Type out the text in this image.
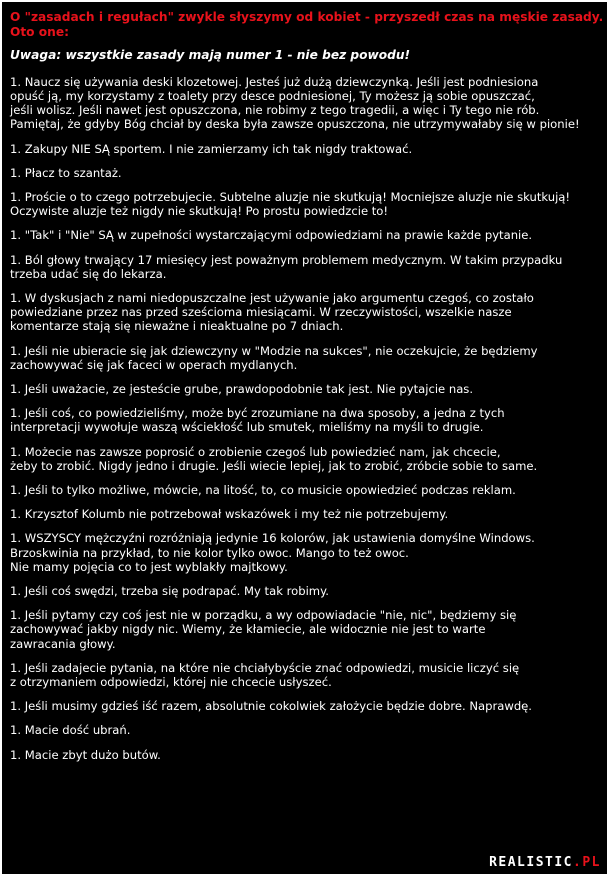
O "zasadach i regułach" zwykle słyszymy od kobiet - przyszedł czas na męskie zasady. Oto one:
Uwaga: wszystkie zasady mają numer 1 - nie bez powodu!

1. Naucz się używania deski klozetowej. Jesteś już dużą dziewczynką. Jeśli jest podniesiona
opuść ją, my korzystamy z toalety przy desce podniesionej, Ty możesz ją sobie opuszczać,
jeśli wolisz. Jeśli nawet jest opuszczona, nie robimy z tego tragedii, a więc i Ty tego nie rób.
Pamiętaj, że gdyby Bóg chciał by deska była zawsze opuszczona, nie utrzymywałaby się w pionie!

1. Zakupy NIE SĄ sportem. I nie zamierzamy ich tak nigdy traktować.

1. Płacz to szantaż.

1. Proście o to czego potrzebujecie. Subtelne aluzje nie skutkują! Mocniejsze aluzje nie skutkują!
Oczywiste aluzje też nigdy nie skutkują! Po prostu powiedzcie to!

1. "Tak" i "Nie" SĄ w zupełności wystarczającymi odpowiedziami na prawie każde pytanie.

1. Ból głowy trwający 17 miesięcy jest poważnym problemem medycznym. W takim przypadku
trzeba udać się do lekarza.

1. W dyskusjach z nami niedopuszczalne jest używanie jako argumentu czegoś, co zostało
powiedziane przez nas przed sześcioma miesiącami. W rzeczywistości, wszelkie nasze
komentarze stają się nieważne i nieaktualne po 7 dniach.

1. Jeśli nie ubieracie się jak dziewczyny w "Modzie na sukces", nie oczekujcie, że będziemy
zachowywać się jak faceci w operach mydlanych.

1. Jeśli uważacie, ze jesteście grube, prawdopodobnie tak jest. Nie pytajcie nas.

1. Jeśli coś, co powiedzieliśmy, może być zrozumiane na dwa sposoby, a jedna z tych
interpretacji wywołuje waszą wściekłość lub smutek, mieliśmy na myśli to drugie.

1. Możecie nas zawsze poprosić o zrobienie czegoś lub powiedzieć nam, jak chcecie,
żeby to zrobić. Nigdy jedno i drugie. Jeśli wiecie lepiej, jak to zrobić, zróbcie sobie to same.

1. Jeśli to tylko możliwe, mówcie, na litość, to, co musicie opowiedzieć podczas reklam.

1. Krzysztof Kolumb nie potrzebował wskazówek i my też nie potrzebujemy.

1. WSZYSCY mężczyźni rozróżniają jedynie 16 kolorów, jak ustawienia domyślne Windows.
Brzoskwinia na przykład, to nie kolor tylko owoc. Mango to też owoc.
Nie mamy pojęcia co to jest wyblakły majtkowy.

1. Jeśli coś swędzi, trzeba się podrapać. My tak robimy.

1. Jeśli pytamy czy coś jest nie w porządku, a wy odpowiadacie "nie, nic", będziemy się
zachowywać jakby nigdy nic. Wiemy, że kłamiecie, ale widocznie nie jest to warte
zawracania głowy.

1. Jeśli zadajecie pytania, na które nie chciałybyście znać odpowiedzi, musicie liczyć się
z otrzymaniem odpowiedzi, której nie chcecie usłyszeć.

1. Jeśli musimy gdzieś iść razem, absolutnie cokolwiek założycie będzie dobre. Naprawdę.

1. Macie dość ubrań.

1. Macie zbyt dużo butów.

REALISTIC.PL
